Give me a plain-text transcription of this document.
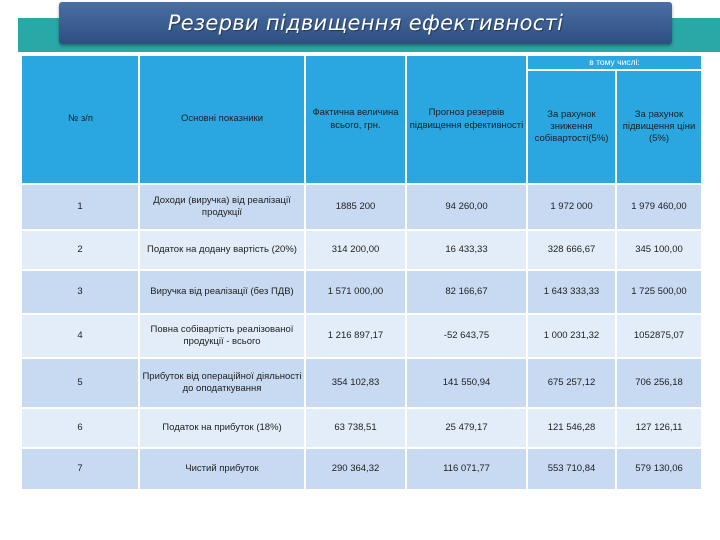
Резерви підвищення ефективності
№ з/п	Основні показники	Фактична величина всього, грн.	Прогноз резервів підвищення ефективності	в тому числі:	
				За рахунок зниження собівартості(5%)	За рахунок підвищення ціни (5%)
1	Доходи (виручка) від реалізації продукції	1885 200	94 260,00	1 972 000	1 979 460,00
2	Податок на додану вартість (20%)	314 200,00	16 433,33	328 666,67	345 100,00
3	Виручка від реалізації (без ПДВ)	1 571 000,00	82 166,67	1 643 333,33	1 725 500,00
4	Повна собівартість реалізованої продукції - всього	1 216 897,17	-52 643,75	1 000 231,32	1052875,07
5	Прибуток від операційної діяльності до оподаткування	354 102,83	141 550,94	675 257,12	706 256,18
6	Податок на прибуток (18%)	63 738,51	25 479,17	121 546,28	127 126,11
7	Чистий прибуток	290 364,32	116 071,77	553 710,84	579 130,06
